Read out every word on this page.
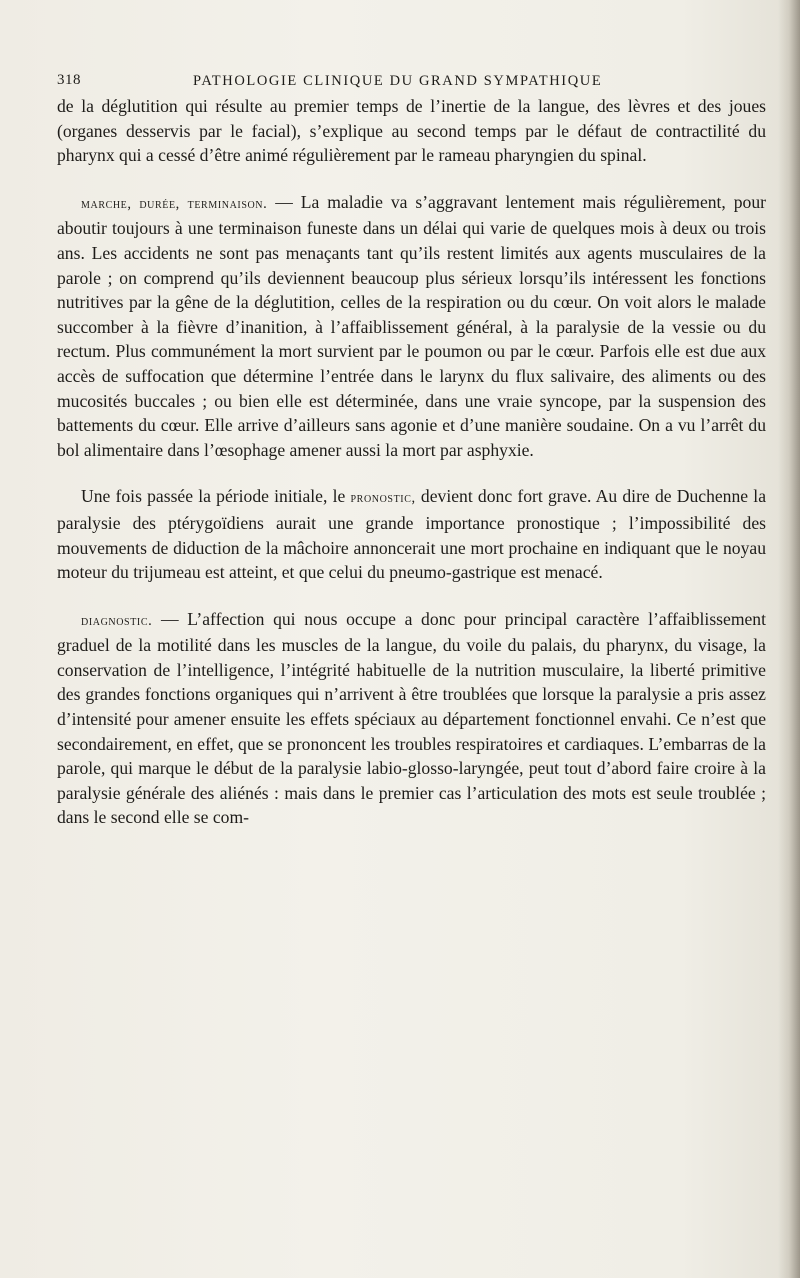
318	PATHOLOGIE CLINIQUE DU GRAND SYMPATHIQUE

de la déglutition qui résulte au premier temps de l’inertie de la langue, des lèvres et des joues (organes desservis par le facial), s’explique au second temps par le défaut de contractilité du pharynx qui a cessé d’être animé régulièrement par le rameau pharyngien du spinal.

marche, durée, terminaison. — La maladie va s’aggravant lentement mais régulièrement, pour aboutir toujours à une terminaison funeste dans un délai qui varie de quelques mois à deux ou trois ans. Les accidents ne sont pas menaçants tant qu’ils restent limités aux agents musculaires de la parole ; on comprend qu’ils deviennent beaucoup plus sérieux lorsqu’ils intéressent les fonctions nutritives par la gêne de la déglutition, celles de la respiration ou du cœur. On voit alors le malade succomber à la fièvre d’inanition, à l’affaiblissement général, à la paralysie de la vessie ou du rectum. Plus communément la mort survient par le poumon ou par le cœur. Parfois elle est due aux accès de suffocation que détermine l’entrée dans le larynx du flux salivaire, des aliments ou des mucosités buccales ; ou bien elle est déterminée, dans une vraie syncope, par la suspension des battements du cœur. Elle arrive d’ailleurs sans agonie et d’une manière soudaine. On a vu l’arrêt du bol alimentaire dans l’œsophage amener aussi la mort par asphyxie.

Une fois passée la période initiale, le pronostic, devient donc fort grave. Au dire de Duchenne la paralysie des ptérygoïdiens aurait une grande importance pronostique ; l’impossibilité des mouvements de diduction de la mâchoire annoncerait une mort prochaine en indiquant que le noyau moteur du trijumeau est atteint, et que celui du pneumo-gastrique est menacé.

diagnostic. — L’affection qui nous occupe a donc pour principal caractère l’affaiblissement graduel de la motilité dans les muscles de la langue, du voile du palais, du pharynx, du visage, la conservation de l’intelligence, l’intégrité habituelle de la nutrition musculaire, la liberté primitive des grandes fonctions organiques qui n’arrivent à être troublées que lorsque la paralysie a pris assez d’intensité pour amener ensuite les effets spéciaux au département fonctionnel envahi. Ce n’est que secondairement, en effet, que se prononcent les troubles respiratoires et cardiaques. L’embarras de la parole, qui marque le début de la paralysie labio-glosso-laryngée, peut tout d’abord faire croire à la paralysie générale des aliénés : mais dans le premier cas l’articulation des mots est seule troublée ; dans le second elle se com-
